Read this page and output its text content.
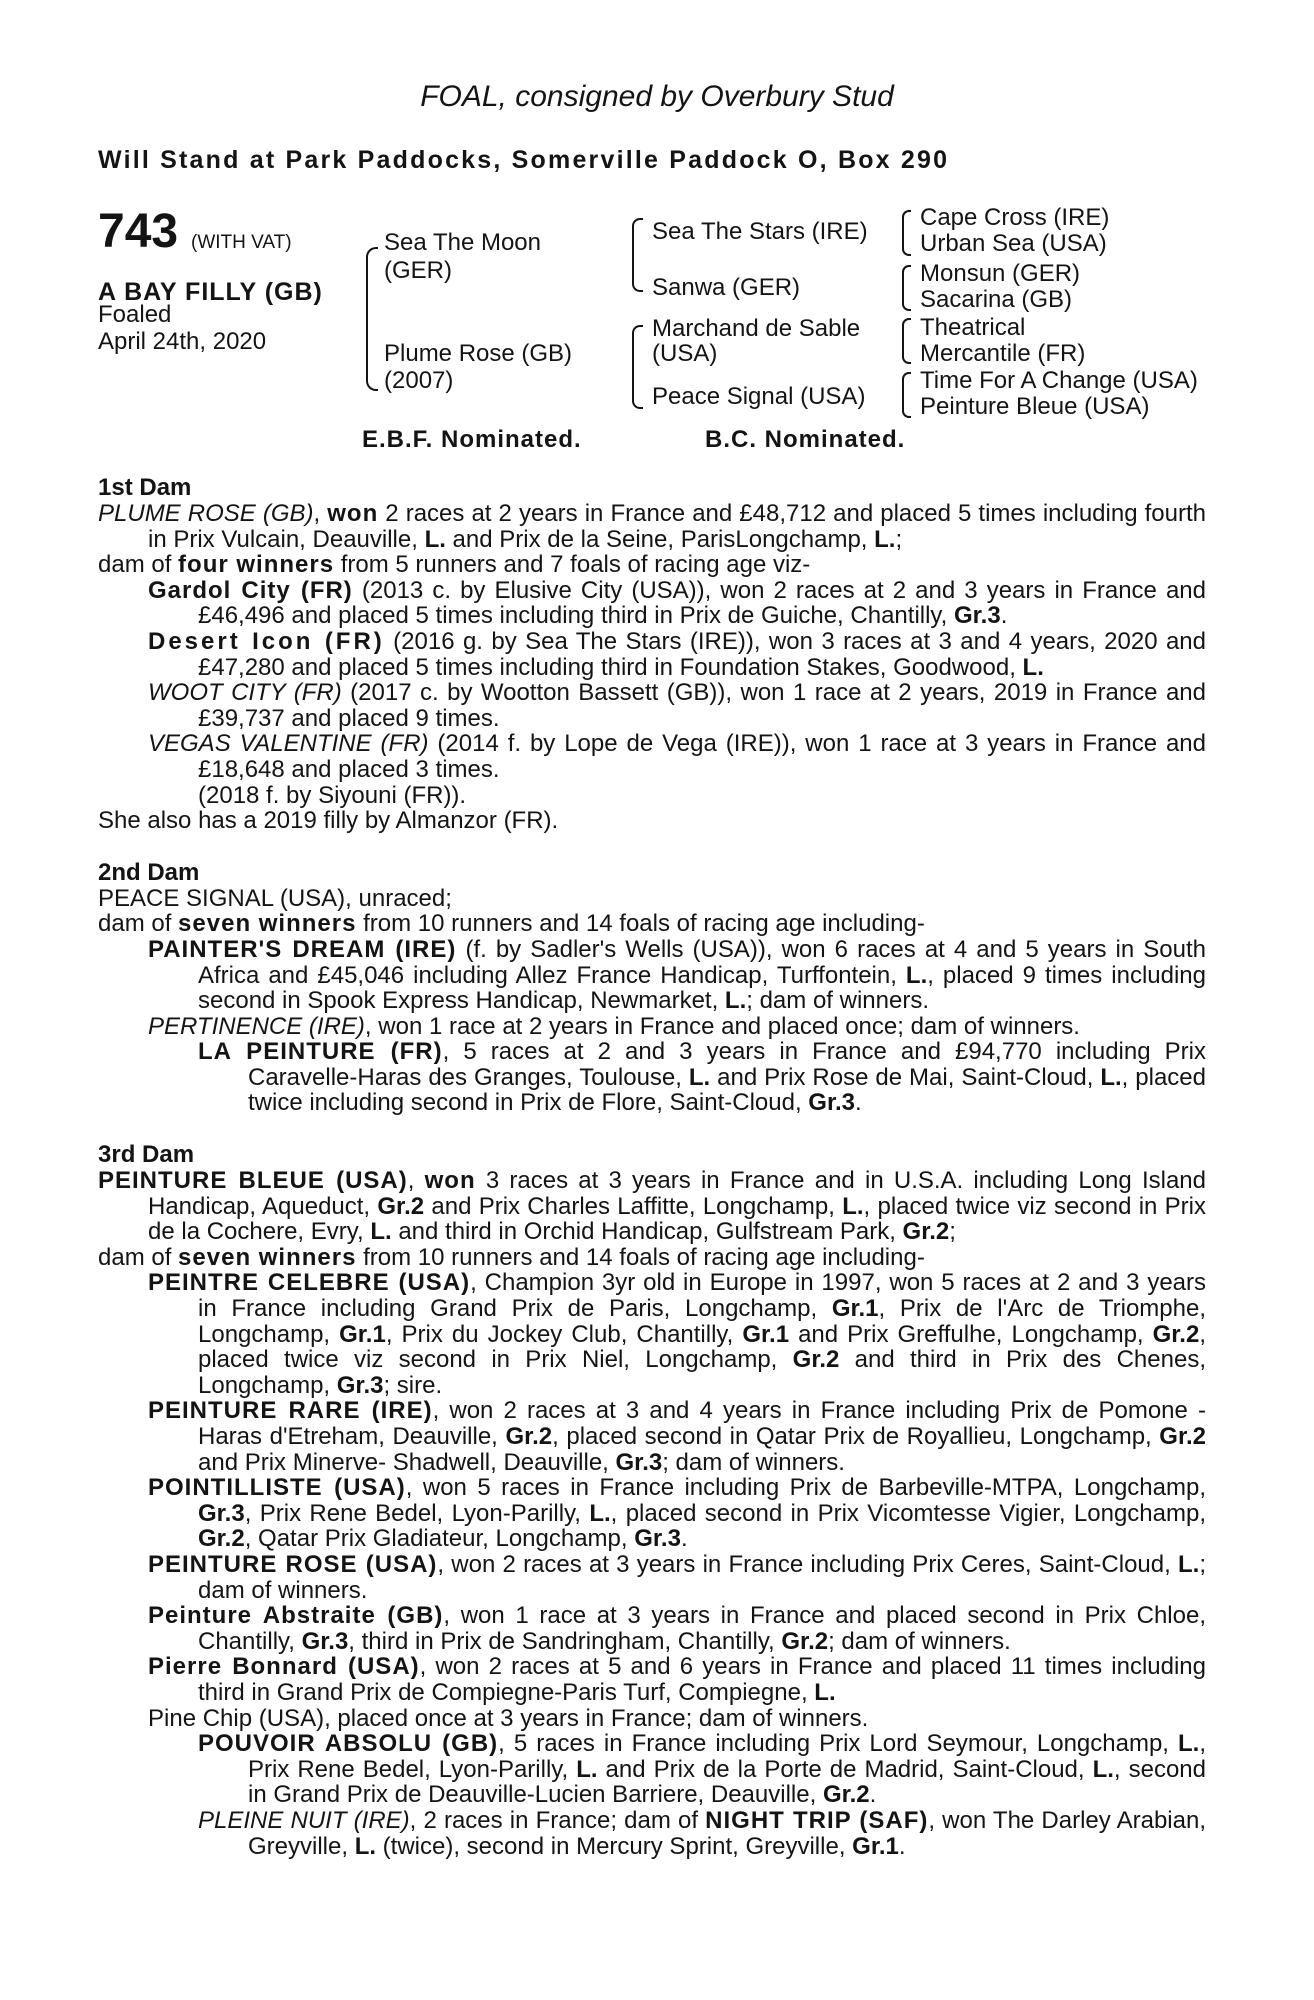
FOAL, consigned by Overbury Stud
Will Stand at Park Paddocks, Somerville Paddock O, Box 290
743 (WITH VAT)
A BAY FILLY (GB)
Foaled
April 24th, 2020
Sea The Moon
(GER)
Plume Rose (GB)
(2007)
Sea The Stars (IRE)
Sanwa (GER)
Marchand de Sable
(USA)
Peace Signal (USA)
Cape Cross (IRE)
Urban Sea (USA)
Monsun (GER)
Sacarina (GB)
Theatrical
Mercantile (FR)
Time For A Change (USA)
Peinture Bleue (USA)
E.B.F. Nominated.	B.C. Nominated.
1st Dam

PLUME ROSE (GB), won 2 races at 2 years in France and £48,712 and placed 5 times including fourth in Prix Vulcain, Deauville, L. and Prix de la Seine, ParisLongchamp, L.;

dam of four winners from 5 runners and 7 foals of racing age viz-

Gardol City (FR) (2013 c. by Elusive City (USA)), won 2 races at 2 and 3 years in France and £46,496 and placed 5 times including third in Prix de Guiche, Chantilly, Gr.3.

Desert Icon (FR) (2016 g. by Sea The Stars (IRE)), won 3 races at 3 and 4 years, 2020 and £47,280 and placed 5 times including third in Foundation Stakes, Goodwood, L.

WOOT CITY (FR) (2017 c. by Wootton Bassett (GB)), won 1 race at 2 years, 2019 in France and £39,737 and placed 9 times.

VEGAS VALENTINE (FR) (2014 f. by Lope de Vega (IRE)), won 1 race at 3 years in France and £18,648 and placed 3 times.

(2018 f. by Siyouni (FR)).

She also has a 2019 filly by Almanzor (FR).

2nd Dam

PEACE SIGNAL (USA), unraced;

dam of seven winners from 10 runners and 14 foals of racing age including-

PAINTER'S DREAM (IRE) (f. by Sadler's Wells (USA)), won 6 races at 4 and 5 years in South Africa and £45,046 including Allez France Handicap, Turffontein, L., placed 9 times including second in Spook Express Handicap, Newmarket, L.; dam of winners.

PERTINENCE (IRE), won 1 race at 2 years in France and placed once; dam of winners.

LA PEINTURE (FR), 5 races at 2 and 3 years in France and £94,770 including Prix Caravelle-Haras des Granges, Toulouse, L. and Prix Rose de Mai, Saint-Cloud, L., placed twice including second in Prix de Flore, Saint-Cloud, Gr.3.

3rd Dam

PEINTURE BLEUE (USA), won 3 races at 3 years in France and in U.S.A. including Long Island Handicap, Aqueduct, Gr.2 and Prix Charles Laffitte, Longchamp, L., placed twice viz second in Prix de la Cochere, Evry, L. and third in Orchid Handicap, Gulfstream Park, Gr.2;

dam of seven winners from 10 runners and 14 foals of racing age including-

PEINTRE CELEBRE (USA), Champion 3yr old in Europe in 1997, won 5 races at 2 and 3 years in France including Grand Prix de Paris, Longchamp, Gr.1, Prix de l'Arc de Triomphe, Longchamp, Gr.1, Prix du Jockey Club, Chantilly, Gr.1 and Prix Greffulhe, Longchamp, Gr.2, placed twice viz second in Prix Niel, Longchamp, Gr.2 and third in Prix des Chenes, Longchamp, Gr.3; sire.

PEINTURE RARE (IRE), won 2 races at 3 and 4 years in France including Prix de Pomone - Haras d'Etreham, Deauville, Gr.2, placed second in Qatar Prix de Royallieu, Longchamp, Gr.2 and Prix Minerve- Shadwell, Deauville, Gr.3; dam of winners.

POINTILLISTE (USA), won 5 races in France including Prix de Barbeville-MTPA, Longchamp, Gr.3, Prix Rene Bedel, Lyon-Parilly, L., placed second in Prix Vicomtesse Vigier, Longchamp, Gr.2, Qatar Prix Gladiateur, Longchamp, Gr.3.

PEINTURE ROSE (USA), won 2 races at 3 years in France including Prix Ceres, Saint-Cloud, L.; dam of winners.

Peinture Abstraite (GB), won 1 race at 3 years in France and placed second in Prix Chloe, Chantilly, Gr.3, third in Prix de Sandringham, Chantilly, Gr.2; dam of winners.

Pierre Bonnard (USA), won 2 races at 5 and 6 years in France and placed 11 times including third in Grand Prix de Compiegne-Paris Turf, Compiegne, L.

Pine Chip (USA), placed once at 3 years in France; dam of winners.

POUVOIR ABSOLU (GB), 5 races in France including Prix Lord Seymour, Longchamp, L., Prix Rene Bedel, Lyon-Parilly, L. and Prix de la Porte de Madrid, Saint-Cloud, L., second in Grand Prix de Deauville-Lucien Barriere, Deauville, Gr.2.

PLEINE NUIT (IRE), 2 races in France; dam of NIGHT TRIP (SAF), won The Darley Arabian, Greyville, L. (twice), second in Mercury Sprint, Greyville, Gr.1.
